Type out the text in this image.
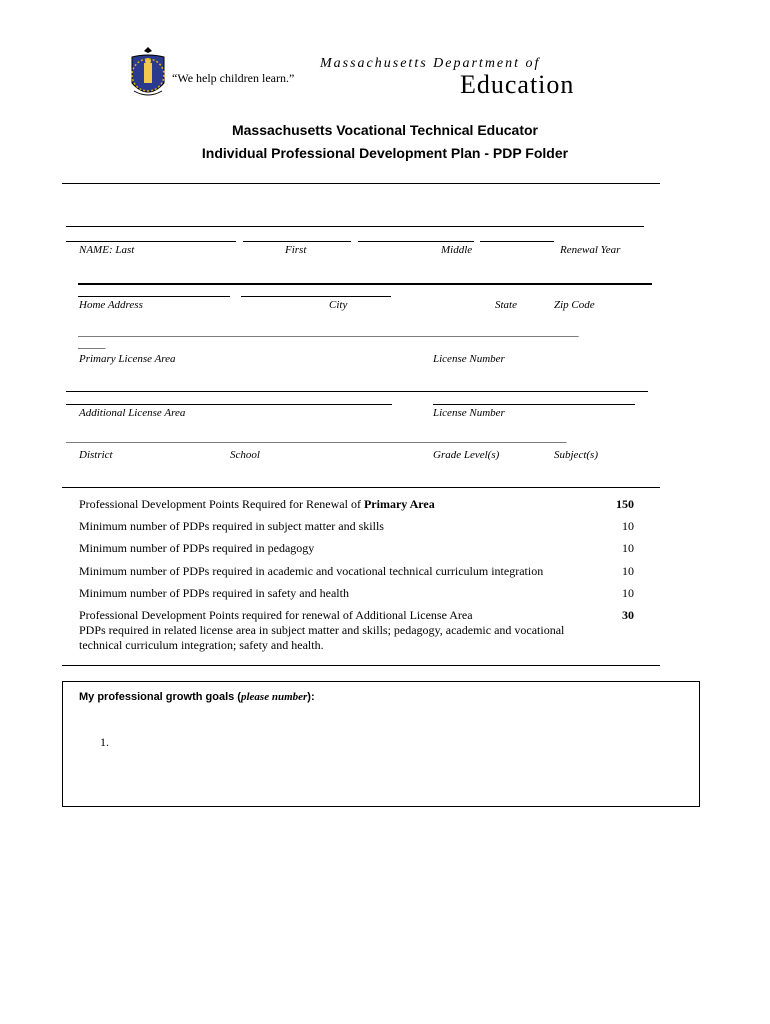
“We help children learn.”
Massachusetts Department of
Education
Massachusetts Vocational Technical Educator
Individual Professional Development Plan - PDP Folder
NAME: Last	First	Middle	Renewal Year
Home Address	City	State	Zip Code
___________________________________________________________________________________________
_____
Primary License Area	License Number
Additional License Area	License Number
___________________________________________________________________________________________
District	School	Grade Level(s)	Subject(s)
Professional Development Points Required for Renewal of Primary Area	150
Minimum number of PDPs required in subject matter and skills	10
Minimum number of PDPs required in pedagogy	10
Minimum number of PDPs required in academic and vocational technical curriculum integration	10
Minimum number of PDPs required in safety and health	10
Professional Development Points required for renewal of Additional License Area	30
PDPs required in related license area in subject matter and skills; pedagogy, academic and vocational
technical curriculum integration; safety and health.
My professional growth goals (please number):
1.
